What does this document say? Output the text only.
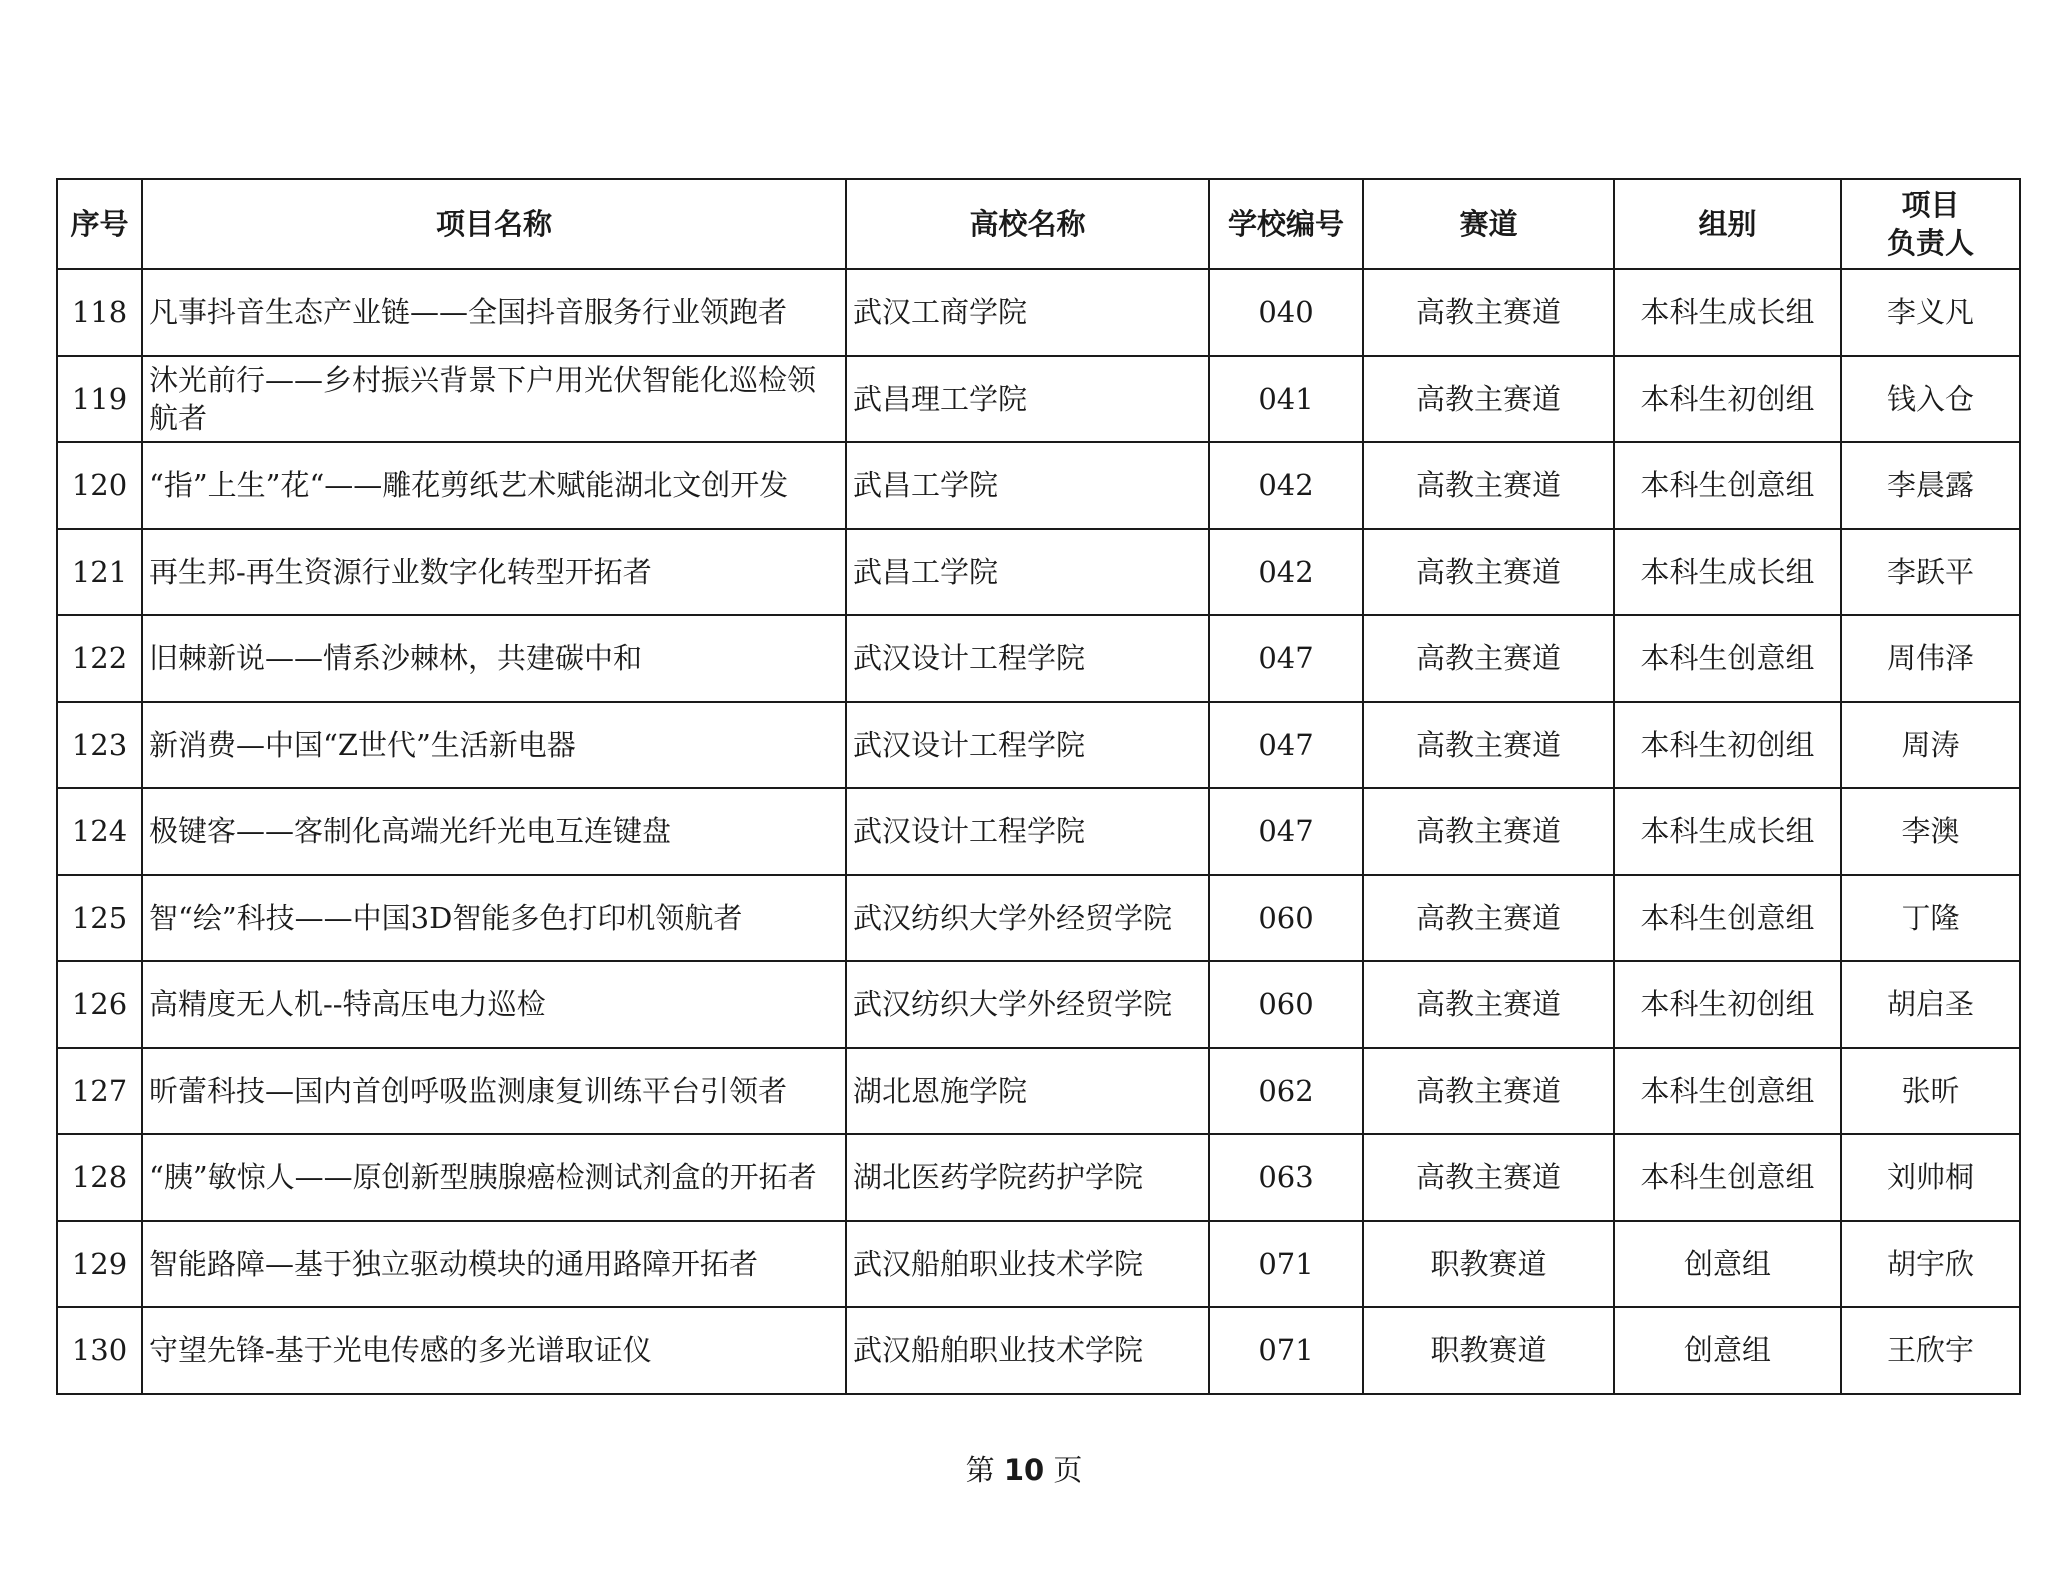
序号	项目名称	高校名称	学校编号	赛道	组别	项目
负责人

118	凡事抖音生态产业链——全国抖音服务行业领跑者	武汉工商学院	040	高教主赛道	本科生成长组	李义凡
119	沐光前行——乡村振兴背景下户用光伏智能化巡检领航者	武昌理工学院	041	高教主赛道	本科生初创组	钱入仓
120	“指”上生”花“——雕花剪纸艺术赋能湖北文创开发	武昌工学院	042	高教主赛道	本科生创意组	李晨露
121	再生邦-再生资源行业数字化转型开拓者	武昌工学院	042	高教主赛道	本科生成长组	李跃平
122	旧棘新说——情系沙棘林，共建碳中和	武汉设计工程学院	047	高教主赛道	本科生创意组	周伟泽
123	新消费—中国“Z世代”生活新电器	武汉设计工程学院	047	高教主赛道	本科生初创组	周涛
124	极键客——客制化高端光纤光电互连键盘	武汉设计工程学院	047	高教主赛道	本科生成长组	李澳
125	智“绘”科技——中国3D智能多色打印机领航者	武汉纺织大学外经贸学院	060	高教主赛道	本科生创意组	丁隆
126	高精度无人机--特高压电力巡检	武汉纺织大学外经贸学院	060	高教主赛道	本科生初创组	胡启圣
127	昕蕾科技—国内首创呼吸监测康复训练平台引领者	湖北恩施学院	062	高教主赛道	本科生创意组	张昕
128	“胰”敏惊人——原创新型胰腺癌检测试剂盒的开拓者	湖北医药学院药护学院	063	高教主赛道	本科生创意组	刘帅桐
129	智能路障—基于独立驱动模块的通用路障开拓者	武汉船舶职业技术学院	071	职教赛道	创意组	胡宇欣
130	守望先锋-基于光电传感的多光谱取证仪	武汉船舶职业技术学院	071	职教赛道	创意组	王欣宇
第 10 页
